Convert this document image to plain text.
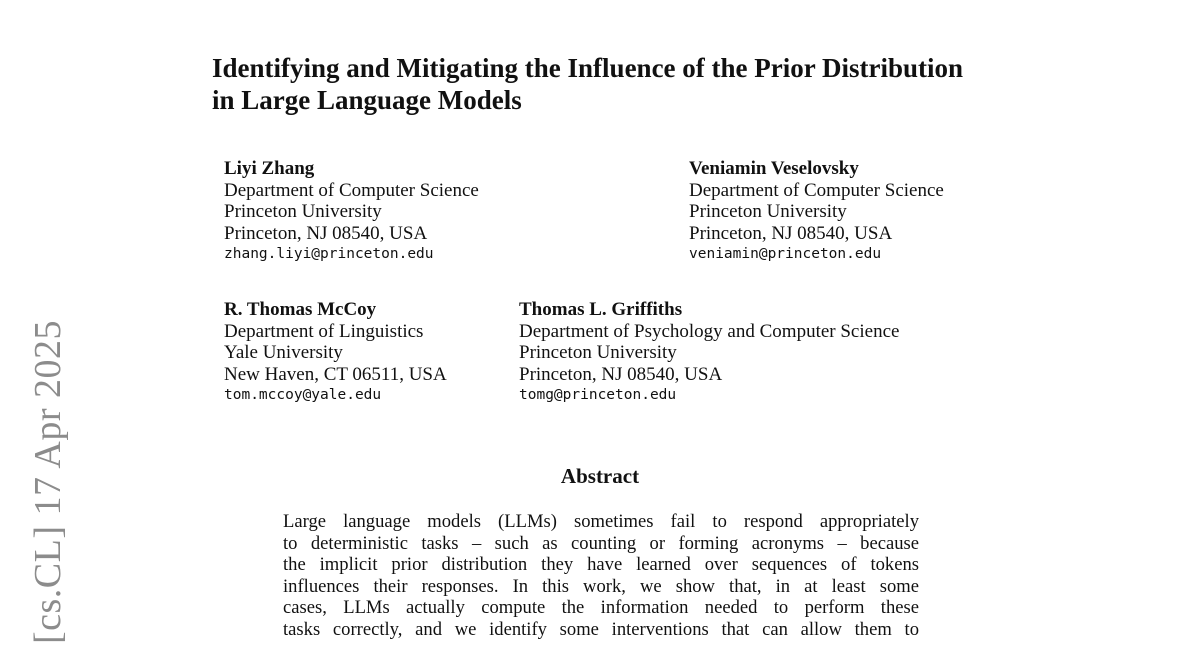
[cs.CL] 17 Apr 2025
Identifying and Mitigating the Influence of the Prior Distribution in Large Language Models
Liyi Zhang
Department of Computer Science
Princeton University
Princeton, NJ 08540, USA
zhang.liyi@princeton.edu
Veniamin Veselovsky
Department of Computer Science
Princeton University
Princeton, NJ 08540, USA
veniamin@princeton.edu
R. Thomas McCoy
Department of Linguistics
Yale University
New Haven, CT 06511, USA
tom.mccoy@yale.edu
Thomas L. Griffiths
Department of Psychology and Computer Science
Princeton University
Princeton, NJ 08540, USA
tomg@princeton.edu
Abstract
Large language models (LLMs) sometimes fail to respond appropriately
to deterministic tasks – such as counting or forming acronyms – because
the implicit prior distribution they have learned over sequences of tokens
influences their responses. In this work, we show that, in at least some
cases, LLMs actually compute the information needed to perform these
tasks correctly, and we identify some interventions that can allow them to
